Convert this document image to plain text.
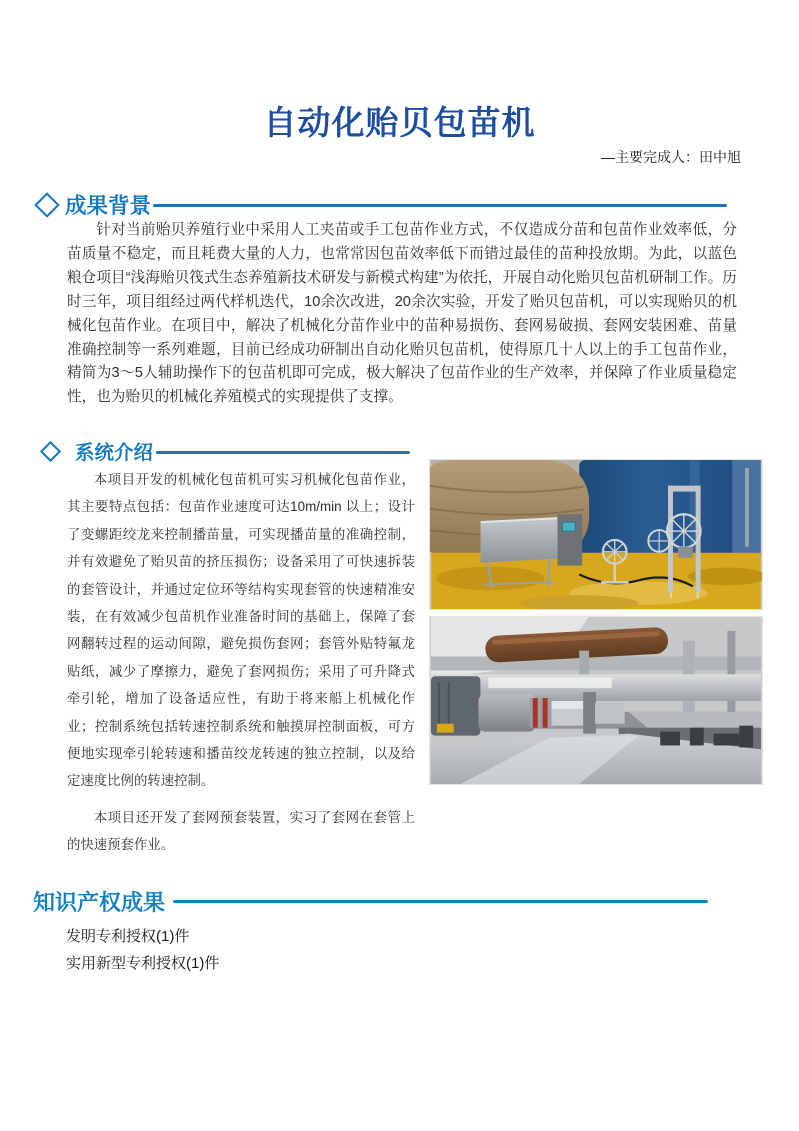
自动化贻贝包苗机
—主要完成人：田中旭
成果背景
针对当前贻贝养殖行业中采用人工夹苗或手工包苗作业方式，不仅造成分苗和包苗作业效率低，分苗质量不稳定，而且耗费大量的人力，也常常因包苗效率低下而错过最佳的苗种投放期。为此，以蓝色粮仓项目“浅海贻贝筏式生态养殖新技术研发与新模式构建”为依托，开展自动化贻贝包苗机研制工作。历时三年，项目组经过两代样机迭代，10余次改进，20余次实验，开发了贻贝包苗机，可以实现贻贝的机械化包苗作业。在项目中，解决了机械化分苗作业中的苗种易损伤、套网易破损、套网安装困难、苗量准确控制等一系列难题，目前已经成功研制出自动化贻贝包苗机，使得原几十人以上的手工包苗作业，精简为3～5人辅助操作下的包苗机即可完成，极大解决了包苗作业的生产效率，并保障了作业质量稳定性，也为贻贝的机械化养殖模式的实现提供了支撑。
系统介绍

本项目开发的机械化包苗机可实习机械化包苗作业，其主要特点包括：包苗作业速度可达10m/min 以上；设计了变螺距绞龙来控制播苗量，可实现播苗量的准确控制，并有效避免了贻贝苗的挤压损伤；设备采用了可快速拆装的套管设计，并通过定位环等结构实现套管的快速精准安装，在有效减少包苗机作业准备时间的基础上，保障了套网翻转过程的运动间隙，避免损伤套网；套管外贴特氟龙贴纸，减少了摩擦力，避免了套网损伤；采用了可升降式牵引轮，增加了设备适应性，有助于将来船上机械化作业；控制系统包括转速控制系统和触摸屏控制面板，可方便地实现牵引轮转速和播苗绞龙转速的独立控制，以及给定速度比例的转速控制。

本项目还开发了套网预套装置，实习了套网在套管上的快速预套作业。

知识产权成果
发明专利授权(1)件
实用新型专利授权(1)件
